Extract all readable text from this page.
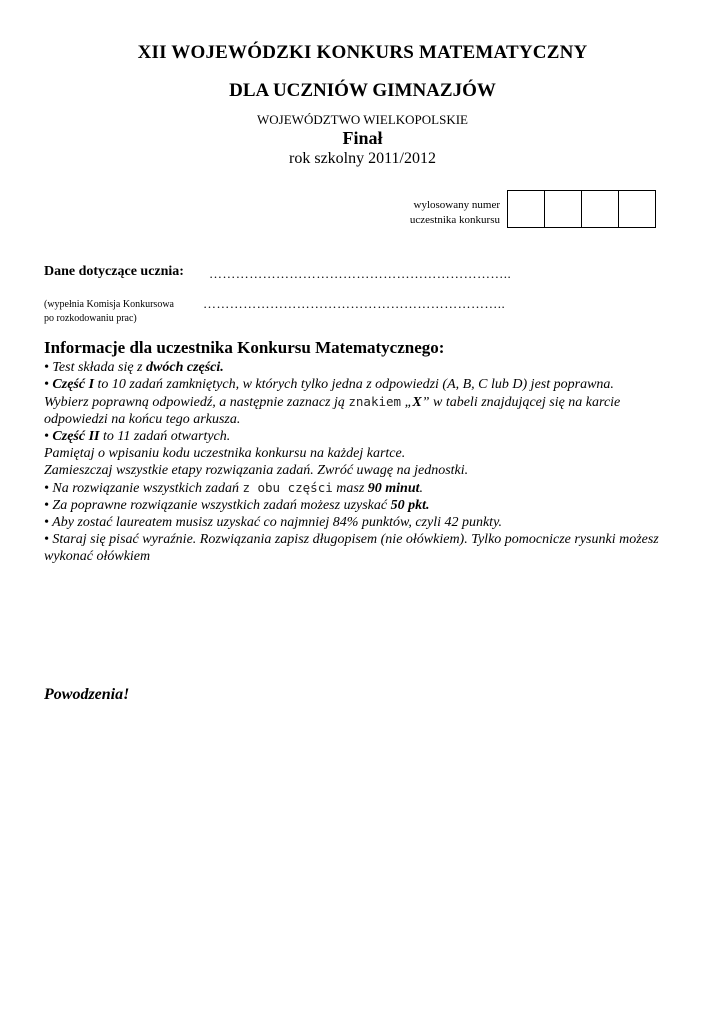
XII WOJEWÓDZKI KONKURS MATEMATYCZNY
DLA UCZNIÓW GIMNAZJÓW
WOJEWÓDZTWO WIELKOPOLSKIE
Finał
rok szkolny 2011/2012
wylosowany numer
uczestnika konkursu
Dane dotyczące ucznia: …………………………………………………………..
(wypełnia Komisja Konkursowa
po rozkodowaniu prac)
…………………………………………………………..
Informacje dla uczestnika Konkursu Matematycznego:

• Test składa się z dwóch części.

• Część I to 10 zadań zamkniętych, w których tylko jedna z odpowiedzi (A, B, C lub D) jest poprawna.

Wybierz poprawną odpowiedź, a następnie zaznacz ją znakiem „X” w tabeli znajdującej się na karcie odpowiedzi na końcu tego arkusza.

• Część II to 11 zadań otwartych.

Pamiętaj o wpisaniu kodu uczestnika konkursu na każdej kartce.

Zamieszczaj wszystkie etapy rozwiązania zadań. Zwróć uwagę na jednostki.

• Na rozwiązanie wszystkich zadań z obu części masz 90 minut.

• Za poprawne rozwiązanie wszystkich zadań możesz uzyskać 50 pkt.

• Aby zostać laureatem musisz uzyskać co najmniej 84% punktów, czyli 42 punkty.

• Staraj się pisać wyraźnie. Rozwiązania zapisz długopisem (nie ołówkiem). Tylko pomocnicze rysunki możesz wykonać ołówkiem

Powodzenia!
